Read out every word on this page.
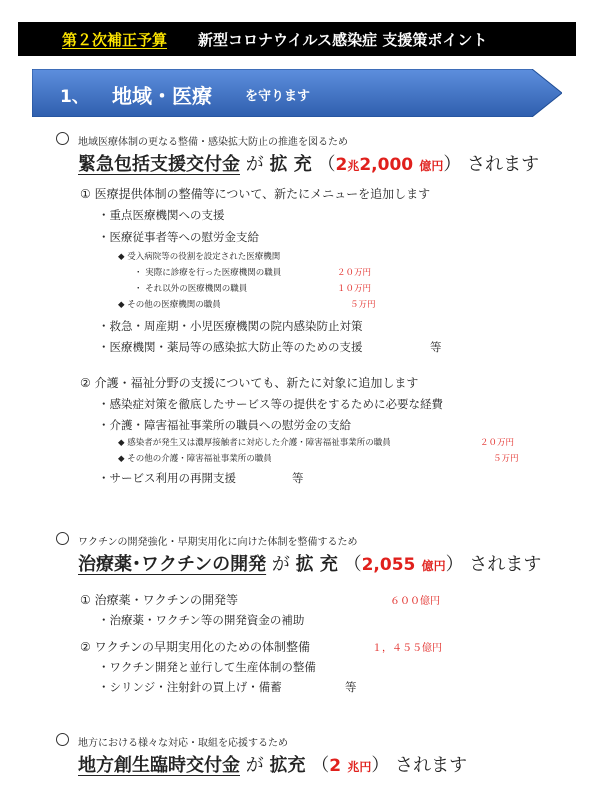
第２次補正予算 新型コロナウイルス感染症 支援策ポイント
1、 地域・医療	を守ります
地域医療体制の更なる整備・感染拡大防止の推進を図るため
緊急包括支援交付金 が 拡 充 （2兆2,000 億円） されます
① 医療提供体制の整備等について、新たにメニューを追加します
・重点医療機関への支援
・医療従事者等への慰労金支給
◆ 受入病院等の役割を設定された医療機関
・ 実際に診療を行った医療機関の職員	２０万円
・ それ以外の医療機関の職員	１０万円
◆ その他の医療機関の職員	５万円
・救急・周産期・小児医療機関の院内感染防止対策
・医療機関・薬局等の感染拡大防止等のための支援	等
② 介護・福祉分野の支援についても、新たに対象に追加します
・感染症対策を徹底したサービス等の提供をするために必要な経費
・介護・障害福祉事業所の職員への慰労金の支給
◆ 感染者が発生又は濃厚接触者に対応した介護・障害福祉事業所の職員	２０万円
◆ その他の介護・障害福祉事業所の職員	５万円
・サービス利用の再開支援	等
ワクチンの開発強化・早期実用化に向けた体制を整備するため
治療薬･ワクチンの開発 が 拡 充 （2,055 億円） されます
① 治療薬・ワクチンの開発等	６００億円
・治療薬・ワクチン等の開発資金の補助
② ワクチンの早期実用化のための体制整備	１，４５５億円
・ワクチン開発と並行して生産体制の整備
・シリンジ・注射針の買上げ・備蓄	等
地方における様々な対応・取組を応援するため
地方創生臨時交付金 が 拡充 （2 兆円） されます
